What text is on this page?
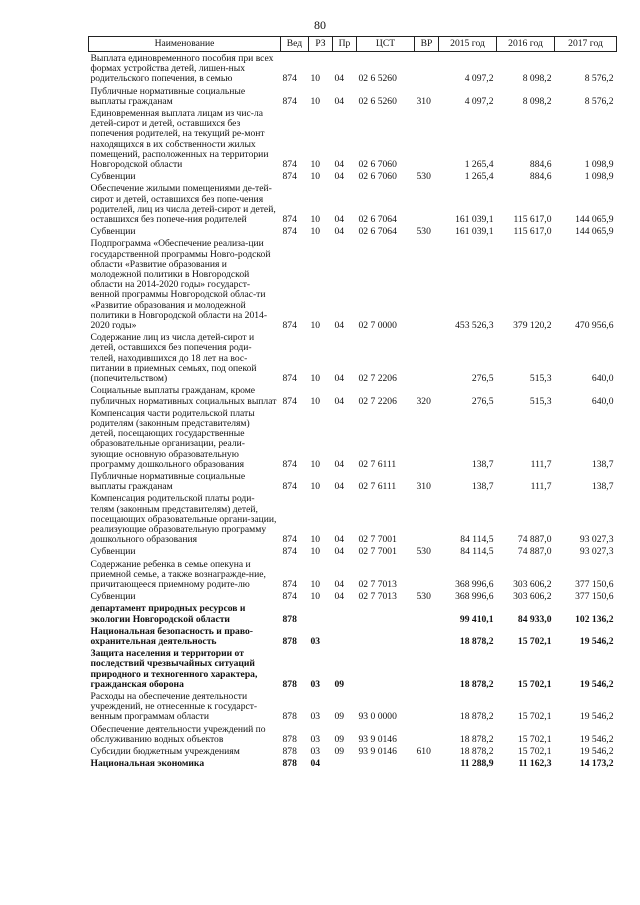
80
Наименование	Вед	РЗ	Пр	ЦСТ	ВР	2015 год	2016 год	2017 год
Выплата единовременного пособия при всех формах устройства детей, лишен-ных родительского попечения, в семью	874	10	04	02 6 5260		4 097,2	8 098,2	8 576,2
Публичные нормативные социальные выплаты гражданам	874	10	04	02 6 5260	310	4 097,2	8 098,2	8 576,2
Единовременная выплата лицам из чис-ла детей-сирот и детей, оставшихся без попечения родителей, на текущий ре-монт находящихся в их собственности жилых помещений, расположенных на территории Новгородской области	874	10	04	02 6 7060		1 265,4	884,6	1 098,9
Субвенции	874	10	04	02 6 7060	530	1 265,4	884,6	1 098,9
Обеспечение жилыми помещениями де-тей-сирот и детей, оставшихся без попе-чения родителей, лиц из числа детей-сирот и детей, оставшихся без попече-ния родителей	874	10	04	02 6 7064		161 039,1	115 617,0	144 065,9
Субвенции	874	10	04	02 6 7064	530	161 039,1	115 617,0	144 065,9
Подпрограмма «Обеспечение реализа-ции государственной программы Новго-родской области «Развитие образования и молодежной политики в Новгородской области на 2014-2020 годы» государст-венной программы Новгородской облас-ти «Развитие образования и молодежной политики в Новгородской области на 2014-2020 годы»	874	10	04	02 7 0000		453 526,3	379 120,2	470 956,6
Содержание лиц из числа детей-сирот и детей, оставшихся без попечения роди-телей, находившихся до 18 лет на вос-питании в приемных семьях, под опекой (попечительством)	874	10	04	02 7 2206		276,5	515,3	640,0
Социальные выплаты гражданам, кроме публичных нормативных социальных выплат	874	10	04	02 7 2206	320	276,5	515,3	640,0
Компенсация части родительской платы родителям (законным представителям) детей, посещающих государственные образовательные организации, реали-зующие основную образовательную программу дошкольного образования	874	10	04	02 7 6111		138,7	111,7	138,7
Публичные нормативные социальные выплаты гражданам	874	10	04	02 7 6111	310	138,7	111,7	138,7
Компенсация родительской платы роди-телям (законным представителям) детей, посещающих образовательные органи-зации, реализующие образовательную программу дошкольного образования	874	10	04	02 7 7001		84 114,5	74 887,0	93 027,3
Субвенции	874	10	04	02 7 7001	530	84 114,5	74 887,0	93 027,3
Содержание ребенка в семье опекуна и приемной семье, а также вознагражде-ние, причитающееся приемному родите-лю	874	10	04	02 7 7013		368 996,6	303 606,2	377 150,6
Субвенции	874	10	04	02 7 7013	530	368 996,6	303 606,2	377 150,6
департамент природных ресурсов и экологии Новгородской области	878					99 410,1	84 933,0	102 136,2
Национальная безопасность и право-охранительная деятельность	878	03				18 878,2	15 702,1	19 546,2
Защита населения и территории от последствий чрезвычайных ситуаций природного и техногенного характера, гражданская оборона	878	03	09			18 878,2	15 702,1	19 546,2
Расходы на обеспечение деятельности учреждений, не отнесенные к государст-венным программам области	878	03	09	93 0 0000		18 878,2	15 702,1	19 546,2
Обеспечение деятельности учреждений по обслуживанию водных объектов	878	03	09	93 9 0146		18 878,2	15 702,1	19 546,2
Субсидии бюджетным учреждениям	878	03	09	93 9 0146	610	18 878,2	15 702,1	19 546,2
Национальная экономика	878	04				11 288,9	11 162,3	14 173,2
